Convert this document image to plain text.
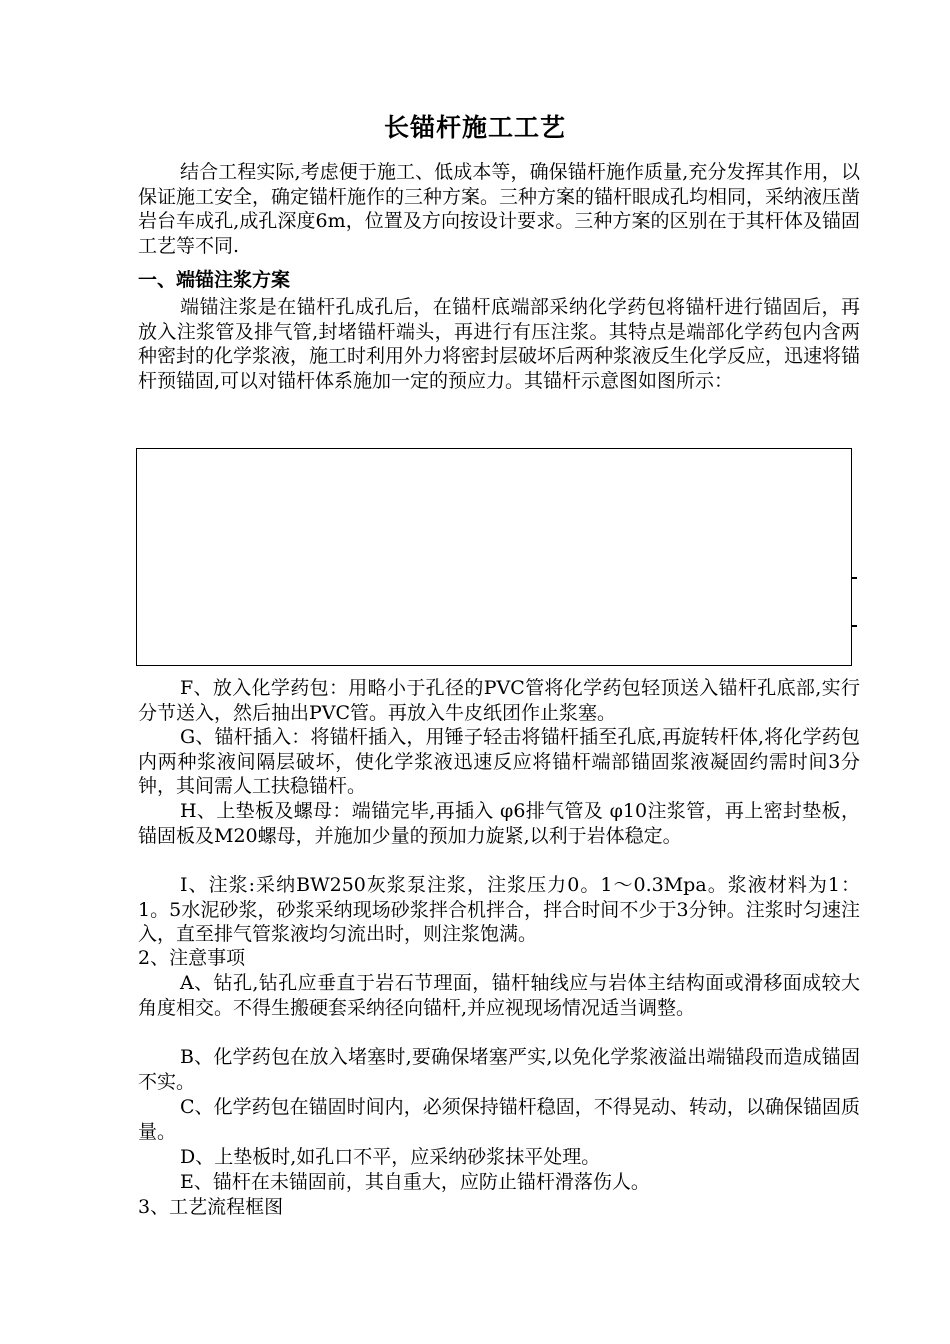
长锚杆施工工艺
结合工程实际,考虑便于施工、低成本等，确保锚杆施作质量,充分发挥其作用，以保证施工安全，确定锚杆施作的三种方案。三种方案的锚杆眼成孔均相同，采纳液压凿岩台车成孔,成孔深度6m，位置及方向按设计要求。三种方案的区别在于其杆体及锚固工艺等不同.
一、端锚注浆方案
端锚注浆是在锚杆孔成孔后，在锚杆底端部采纳化学药包将锚杆进行锚固后，再放入注浆管及排气管,封堵锚杆端头，再进行有压注浆。其特点是端部化学药包内含两种密封的化学浆液，施工时利用外力将密封层破坏后两种浆液反生化学反应，迅速将锚杆预锚固,可以对锚杆体系施加一定的预应力。其锚杆示意图如图所示：
F、放入化学药包：用略小于孔径的PVC管将化学药包轻顶送入锚杆孔底部,实行分节送入，然后抽出PVC管。再放入牛皮纸团作止浆塞。
G、锚杆插入：将锚杆插入，用锤子轻击将锚杆插至孔底,再旋转杆体,将化学药包内两种浆液间隔层破坏，使化学浆液迅速反应将锚杆端部锚固浆液凝固约需时间3分钟，其间需人工扶稳锚杆。
H、上垫板及螺母：端锚完毕,再插入 φ6排气管及 φ10注浆管，再上密封垫板，锚固板及M20螺母，并施加少量的预加力旋紧,以利于岩体稳定。
I、注浆:采纳BW250灰浆泵注浆，注浆压力0。1～0.3Mpa。浆液材料为1：1。5水泥砂浆，砂浆采纳现场砂浆拌合机拌合，拌合时间不少于3分钟。注浆时匀速注入，直至排气管浆液均匀流出时，则注浆饱满。
2、注意事项
A、钻孔,钻孔应垂直于岩石节理面，锚杆轴线应与岩体主结构面或滑移面成较大角度相交。不得生搬硬套采纳径向锚杆,并应视现场情况适当调整。
B、化学药包在放入堵塞时,要确保堵塞严实,以免化学浆液溢出端锚段而造成锚固不实。
C、化学药包在锚固时间内，必须保持锚杆稳固，不得晃动、转动，以确保锚固质量。
D、上垫板时,如孔口不平，应采纳砂浆抹平处理。
E、锚杆在未锚固前，其自重大，应防止锚杆滑落伤人。
3、工艺流程框图
